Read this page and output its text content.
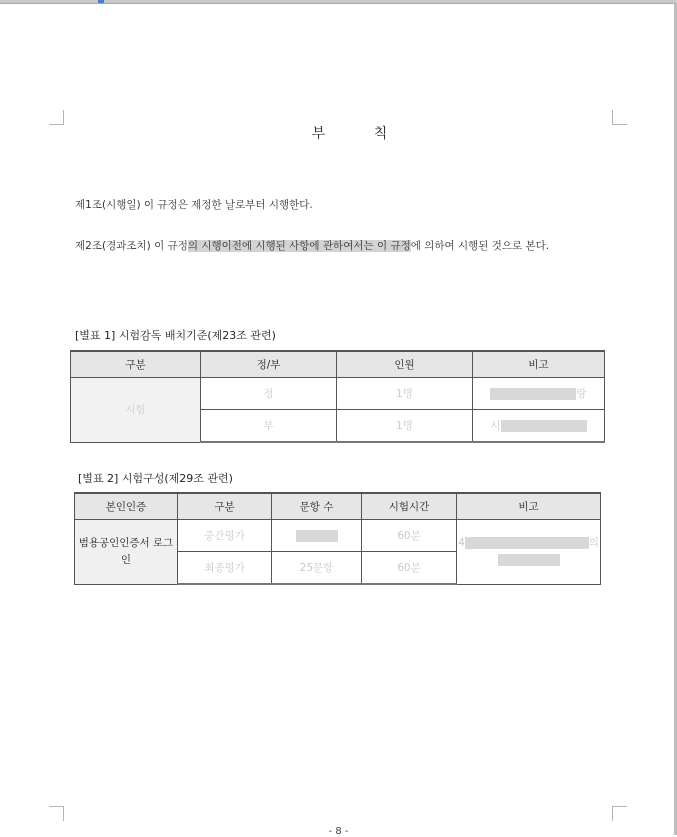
부 칙
제1조(시행일) 이 규정은 제정한 날로부터 시행한다.
제2조(경과조치) 이 규정의 시행이전에 시행된 사항에 관하여서는 이 규정에 의하여 시행된 것으로 본다.
[별표 1] 시험감독 배치기준(제23조 관련)
구분	정/부	인원	비고
시험	정	1명	랑
	부	1명	시
[별표 2] 시험구성(제29조 관련)
본인인증	구분	문항 수	시험시간	비고
범용공인인증서 로그인	중간평가		60분	4 의

	최종평가	25문항	60분	
- 8 -
